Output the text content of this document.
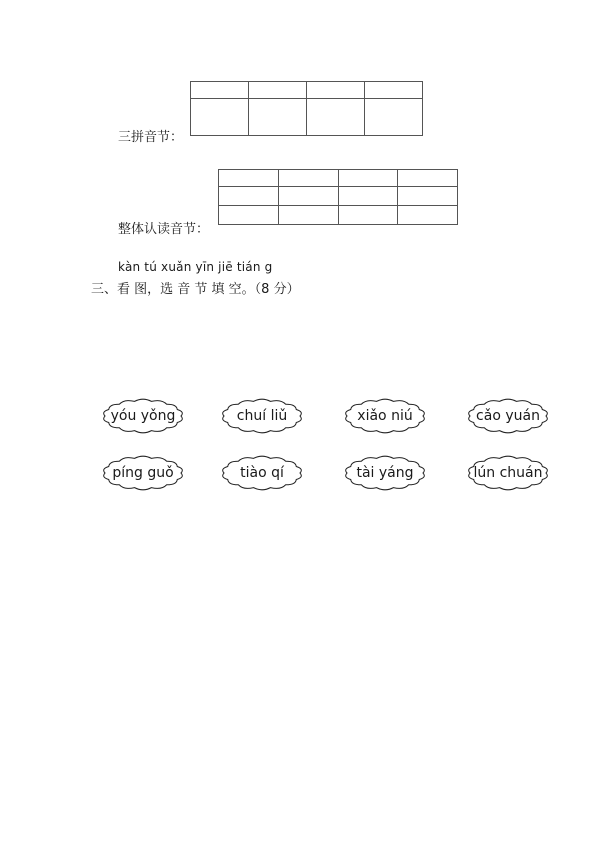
三拼音节：

整体认读音节：
kàn tú xuǎn yīn jiē tián g
三、看 图，选 音 节 填 空。（8 分）
yóu yǒng	chuí liǔ	xiǎo niú	cǎo yuán
píng guǒ	tiào qí	tài yáng	lún chuán
